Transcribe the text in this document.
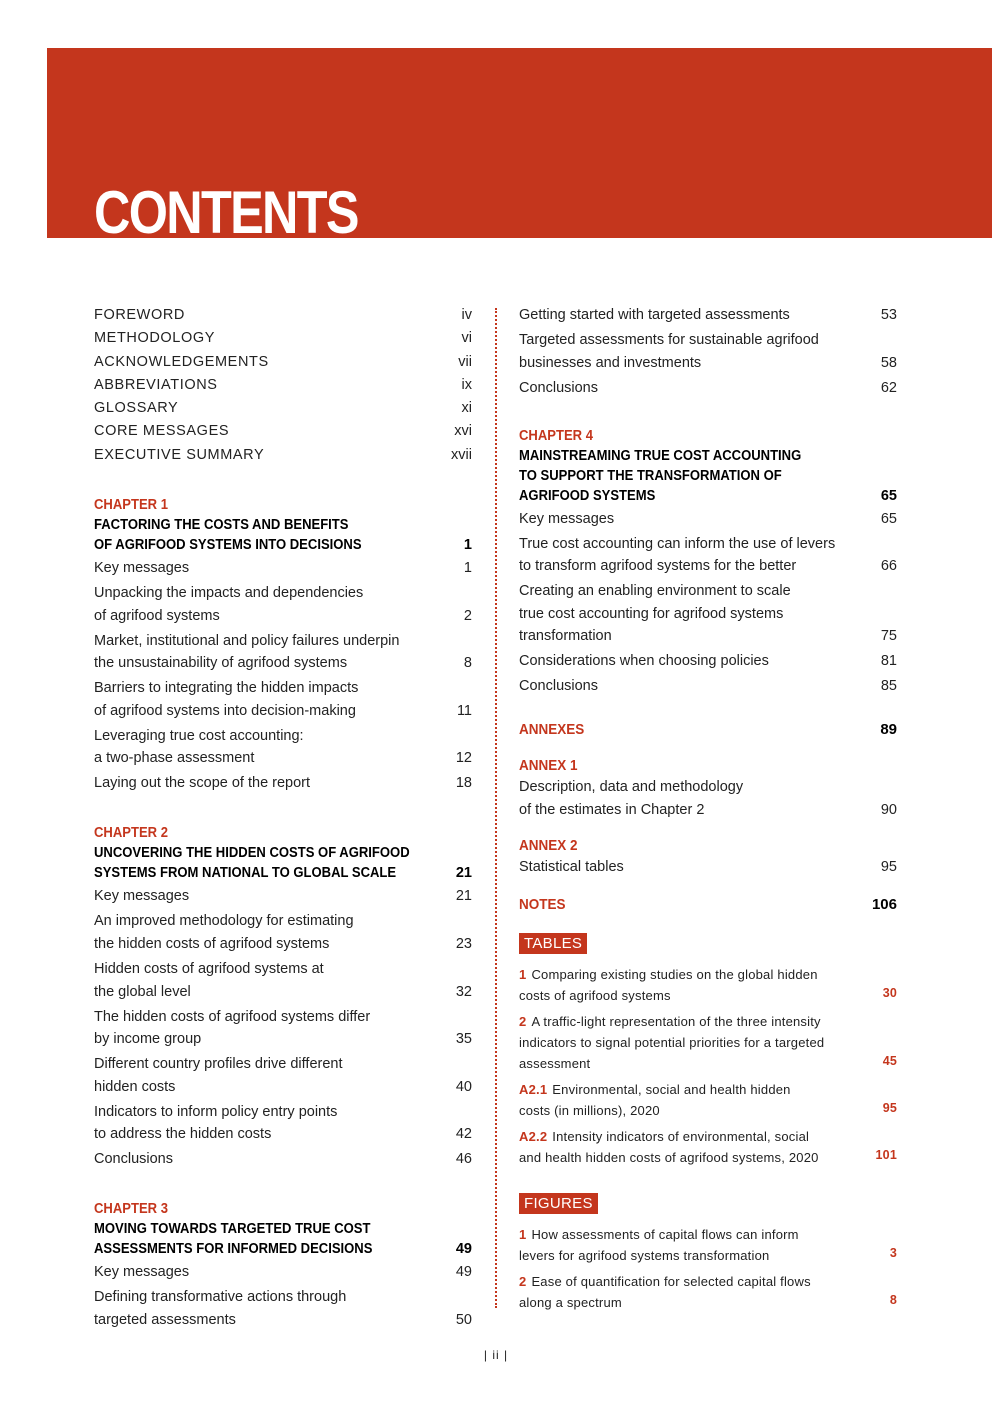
CONTENTS
FOREWORD	iv
METHODOLOGY	vi
ACKNOWLEDGEMENTS	vii
ABBREVIATIONS	ix
GLOSSARY	xi
CORE MESSAGES	xvi
EXECUTIVE SUMMARY	xvii
CHAPTER 1
FACTORING THE COSTS AND BENEFITS
OF AGRIFOOD SYSTEMS INTO DECISIONS	1
Key messages	1
Unpacking the impacts and dependencies
of agrifood systems	2
Market, institutional and policy failures underpin
the unsustainability of agrifood systems	8
Barriers to integrating the hidden impacts
of agrifood systems into decision-making	11
Leveraging true cost accounting:
a two-phase assessment	12
Laying out the scope of the report	18
CHAPTER 2
UNCOVERING THE HIDDEN COSTS OF AGRIFOOD
SYSTEMS FROM NATIONAL TO GLOBAL SCALE	21
Key messages	21
An improved methodology for estimating
the hidden costs of agrifood systems	23
Hidden costs of agrifood systems at
the global level	32
The hidden costs of agrifood systems differ
by income group	35
Different country profiles drive different
hidden costs	40
Indicators to inform policy entry points
to address the hidden costs	42
Conclusions	46
CHAPTER 3
MOVING TOWARDS TARGETED TRUE COST
ASSESSMENTS FOR INFORMED DECISIONS	49
Key messages	49
Defining transformative actions through
targeted assessments	50
Getting started with targeted assessments	53
Targeted assessments for sustainable agrifood
businesses and investments	58
Conclusions	62
CHAPTER 4
MAINSTREAMING TRUE COST ACCOUNTING
TO SUPPORT THE TRANSFORMATION OF
AGRIFOOD SYSTEMS	65
Key messages	65
True cost accounting can inform the use of levers
to transform agrifood systems for the better	66
Creating an enabling environment to scale
true cost accounting for agrifood systems
transformation	75
Considerations when choosing policies	81
Conclusions	85
ANNEXES	89
ANNEX 1
Description, data and methodology
of the estimates in Chapter 2	90
ANNEX 2
Statistical tables	95
NOTES	106
TABLES
1 Comparing existing studies on the global hidden
costs of agrifood systems	30
2 A traffic-light representation of the three intensity
indicators to signal potential priorities for a targeted
assessment	45
A2.1 Environmental, social and health hidden
costs (in millions), 2020	95
A2.2 Intensity indicators of environmental, social
and health hidden costs of agrifood systems, 2020	101
FIGURES
1 How assessments of capital flows can inform
levers for agrifood systems transformation	3
2 Ease of quantification for selected capital flows
along a spectrum	8
| ii |
